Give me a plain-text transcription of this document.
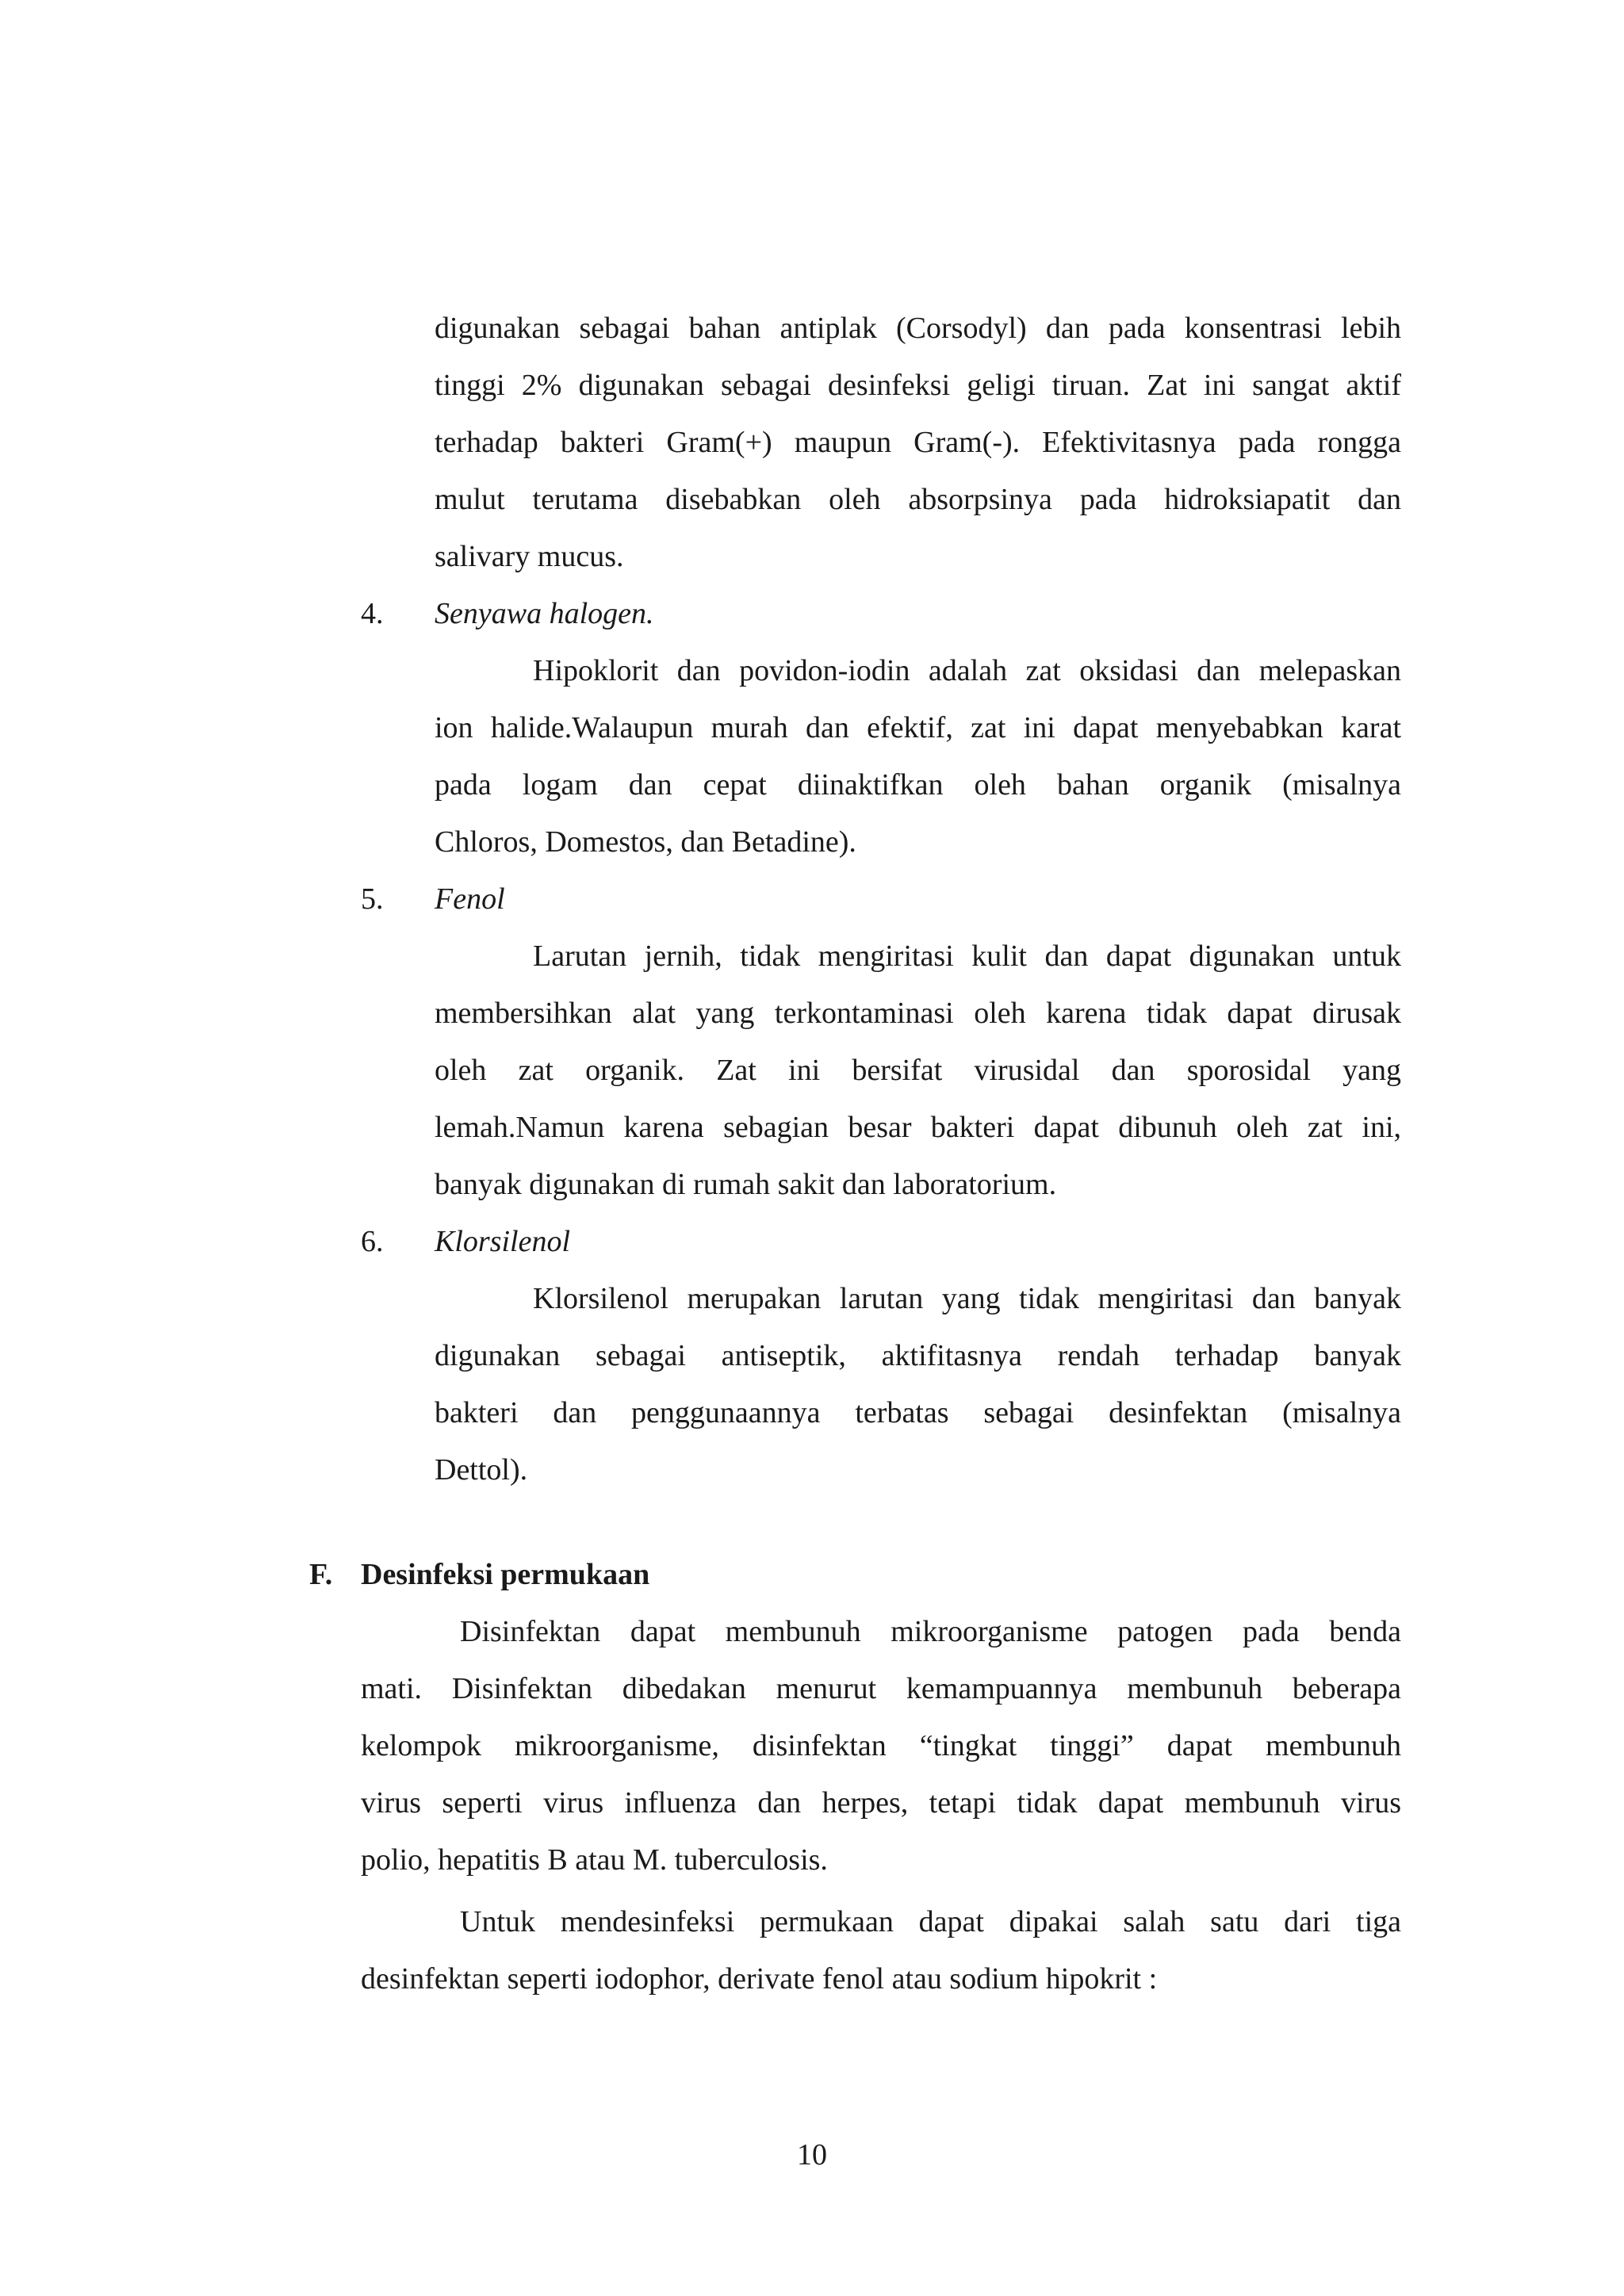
digunakan sebagai bahan antiplak (Corsodyl) dan pada konsentrasi lebih
tinggi 2% digunakan sebagai desinfeksi geligi tiruan. Zat ini sangat aktif
terhadap bakteri Gram(+) maupun Gram(-). Efektivitasnya pada rongga
mulut terutama disebabkan oleh absorpsinya pada hidroksiapatit dan
salivary mucus.
4. Senyawa halogen.
Hipoklorit dan povidon-iodin adalah zat oksidasi dan melepaskan
ion halide.Walaupun murah dan efektif, zat ini dapat menyebabkan karat
pada logam dan cepat diinaktifkan oleh bahan organik (misalnya
Chloros, Domestos, dan Betadine).
5. Fenol
Larutan jernih, tidak mengiritasi kulit dan dapat digunakan untuk
membersihkan alat yang terkontaminasi oleh karena tidak dapat dirusak
oleh zat organik. Zat ini bersifat virusidal dan sporosidal yang
lemah.Namun karena sebagian besar bakteri dapat dibunuh oleh zat ini,
banyak digunakan di rumah sakit dan laboratorium.
6. Klorsilenol
Klorsilenol merupakan larutan yang tidak mengiritasi dan banyak
digunakan sebagai antiseptik, aktifitasnya rendah terhadap banyak
bakteri dan penggunaannya terbatas sebagai desinfektan (misalnya
Dettol).
F. Desinfeksi permukaan
Disinfektan dapat membunuh mikroorganisme patogen pada benda
mati. Disinfektan dibedakan menurut kemampuannya membunuh beberapa
kelompok mikroorganisme, disinfektan “tingkat tinggi” dapat membunuh
virus seperti virus influenza dan herpes, tetapi tidak dapat membunuh virus
polio, hepatitis B atau M. tuberculosis.
Untuk mendesinfeksi permukaan dapat dipakai salah satu dari tiga
desinfektan seperti iodophor, derivate fenol atau sodium hipokrit :
10
